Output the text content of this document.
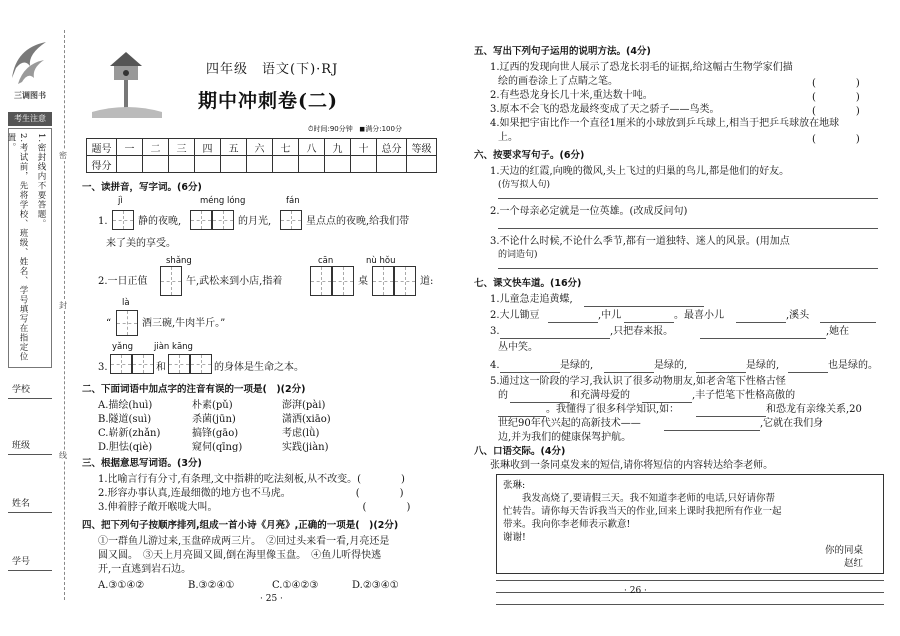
三调图书
考生注意
1.密封线内不要答题。
2.考试前，先将学校、班级、姓名、学号填写在指定位置。
学校
班级
姓名
学号
密
封
线
四年级　语文(下)·RJ
期中冲刺卷(二)
⏱时间:90分钟 ◼满分:100分
题号	一	二	三	四	五	六	七	八	九	十	总分	等级
得分												
一、读拼音，写字词。(6分)
jì	méng lóng	fán
1.	静的夜晚,	的月光,	星点点的夜晚,给我们带
来了美的享受。
shǎng	cān	nù hǒu
2.一日正值	午,武松来到小店,指着	桌	道:
là
“	酒三碗,牛肉半斤。”
yǎng jiàn kāng
3.	和	的身体是生命之本。
二、下面词语中加点字的注音有误的一项是(　)(2分)
A.描绘(huì)	朴素(pǔ)	澎湃(pài)
B.隧道(suì)	杀菌(jūn)	潇洒(xiāo)
C.崭新(zhǎn)	搞锋(gāo)	考虑(lǜ)
D.胆怯(qiè)	窥伺(qīng)	实践(jiàn)
三、根据意思写词语。(3分)
1.比喻言行有分寸,有条理,文中指耕的吃法刻板,从不改变。(　　　　)
2.形容办事认真,连最细微的地方也不马虎。　　　　　　　(　　　　)
3.伸着脖子敞开喉咙大叫。　　　　　　　　　　　　　　　(　　　　)
四、把下列句子按顺序排列,组成一首小诗《月亮》,正确的一项是(　)(2分)
①一群鱼儿游过来,玉盘碎成两三片。　②回过头来看一看,月亮还是
圆又圆。　③天上月亮圆又圆,倒在海里像玉盘。　④鱼儿听得快逃
开,一直逃到岩石边。
A.③①④②	B.③②④①	C.①④②③	D.②③④①
· 25 ·
五、写出下列句子运用的说明方法。(4分)
1.辽西的发现向世人展示了恐龙长羽毛的证据,给这幅古生物学家们描
绘的画卷涂上了点睛之笔。	(　　　　)
2.有些恐龙身长几十米,重达数十吨。	(　　　　)
3.原本不会飞的恐龙最终变成了天之骄子——鸟类。	(　　　　)
4.如果把宇宙比作一个直径1厘米的小球放到乒乓球上,相当于把乒乓球放在地球
上。	(　　　　)
六、按要求写句子。(6分)
1.天边的红霞,向晚的微风,头上飞过的归巢的鸟儿,都是他们的好友。
(仿写拟人句)
2.一个母亲必定就是一位英雄。(改成反问句)
3.不论什么时候,不论什么季节,都有一道独特、迷人的风景。(用加点
的词造句)
七、课文快车道。(16分)
1.儿童急走追黄蝶,
2.大儿锄豆	,中儿	。最喜小儿	,溪头
3.	,只把春来报。	,她在
丛中笑。
4.	是绿的,	是绿的,	是绿的,	也是绿的。
5.通过这一阶段的学习,我认识了很多动物朋友,如老舍笔下性格古怪
的	和充满母爱的	,丰子恺笔下性格高傲的
。我懂得了很多科学知识,如：	和恐龙有亲缘关系,20
张琳:
　　我发高烧了,要请假三天。我不知道李老师的电话,只好请你帮
忙转告。请你每天告诉我当天的作业,回来上课时我把所有作业一起
带来。我向你李老师表示歉意!
谢谢!
你的同桌
赵红
· 26 ·
世纪90年代兴起的高新技术——	,它就在我们身
边,并为我们的健康保驾护航。
八、口语交际。(4分)
张琳收到一条同桌发来的短信,请你将短信的内容转达给李老师。
